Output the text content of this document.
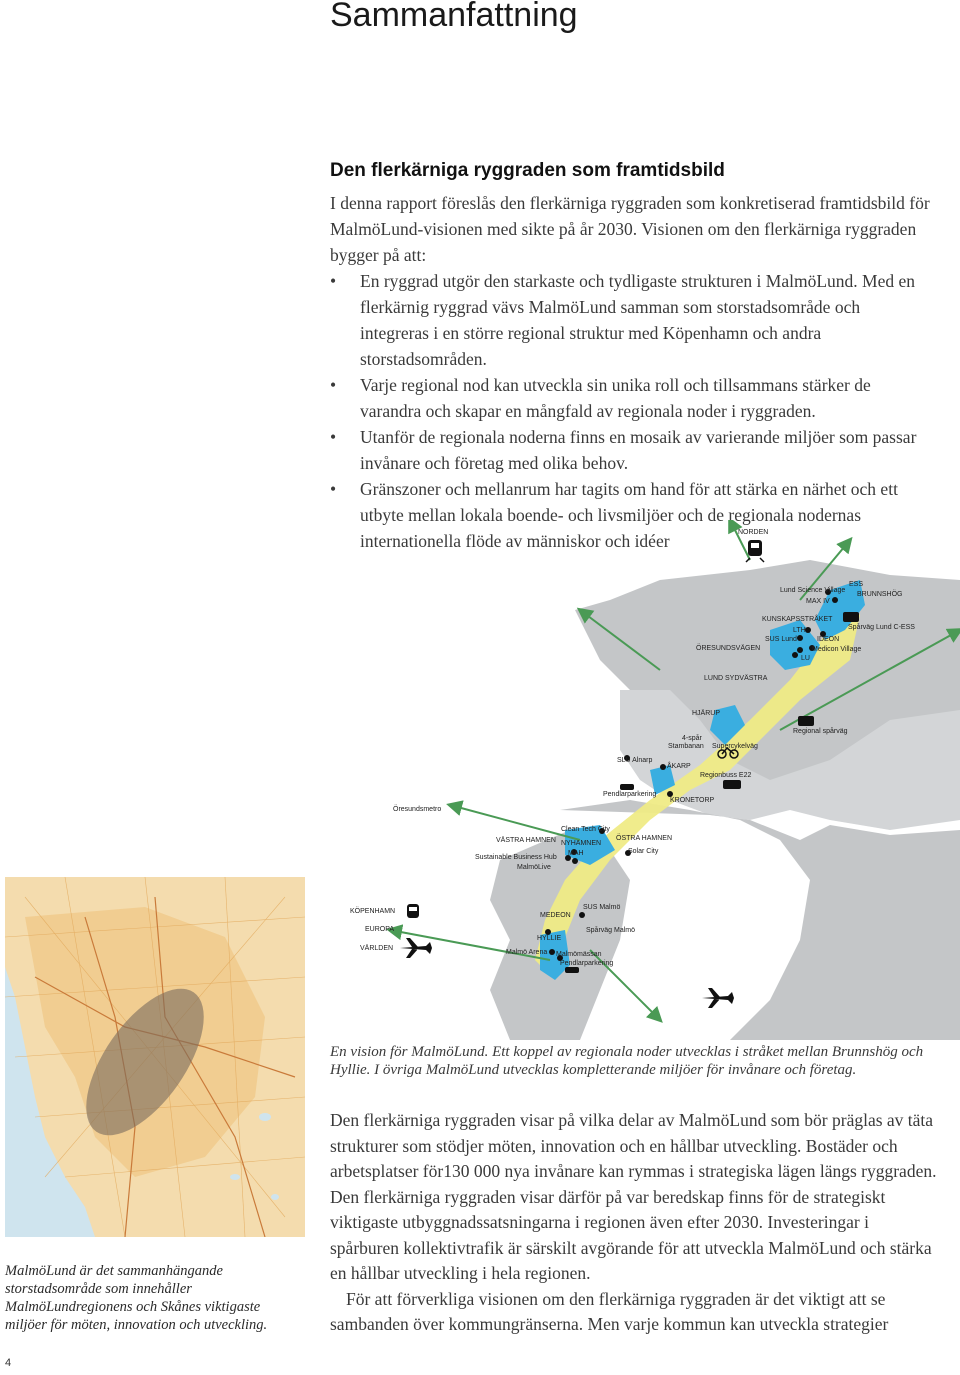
Sammanfattning
Den flerkärniga ryggraden som framtidsbild
I denna rapport föreslås den flerkärniga ryggraden som konkretiserad framtidsbild för MalmöLund-visionen med sikte på år 2030. Visionen om den flerkärniga ryggraden bygger på att:
• En ryggrad utgör den starkaste och tydligaste strukturen i MalmöLund. Med en flerkärnig ryggrad vävs MalmöLund samman som storstadsområde och integreras i en större regional struktur med Köpenhamn och andra storstadsområden.
• Varje regional nod kan utveckla sin unika roll och tillsammans stärker de varandra och skapar en mångfald av regionala noder i ryggraden.
• Utanför de regionala noderna finns en mosaik av varierande miljöer som passar invånare och företag med olika behov.
• Gränszoner och mellanrum har tagits om hand för att stärka en närhet och ett utbyte mellan lokala boende- och livsmiljöer och de regionala nodernas internationella flöde av människor och idéer	NORDEN
Lund Science Village
ESS
BRUNNSHÖG
MAX IV
KUNSKAPSSTRÅKET
Spårväg Lund C-ESS
LTH
SUS Lund	IDEON
ÖRESUNDSVÄGEN	Medicon Village
LU
LUND SYDVÄSTRA
HJÄRUP
Regional spårväg
4-spår
Stambanan Supercykelväg
SLU Alnarp
ÅKARP
Regionbuss E22
Pendlarparkering
KRONETORP
Öresundsmetro
Clean Tech City
VÄSTRA HAMNEN NYHAMNEN
ÖSTRA HAMNEN
MAH	Solar City
Sustainable Business Hub
MalmöLive
KÖPENHAMN
EUROPA
VÄRLDEN
MEDEON
SUS Malmö
Spårväg Malmö
HYLLIE
Malmö Arena Malmömässan
Pendlarparkering
En vision för MalmöLund. Ett koppel av regionala noder utvecklas i stråket mellan Brunnshög och Hyllie. I övriga MalmöLund utvecklas kompletterande miljöer för invånare och företag.

Den flerkärniga ryggraden visar på vilka delar av MalmöLund som bör präglas av täta strukturer som stödjer möten, innovation och en hållbar utveckling. Bostäder och arbetsplatser för130 000 nya invånare kan rymmas i strategiska lägen längs ryggraden. Den flerkärniga ryggraden visar därför på var beredskap finns för de strategiskt viktigaste utbyggnadssatsningarna i regionen även efter 2030. Investeringar i spårburen kollektivtrafik är särskilt avgörande för att utveckla MalmöLund och stärka en hållbar utveckling i hela regionen.

För att förverkliga visionen om den flerkärniga ryggraden är det viktigt att se sambanden över kommungränserna. Men varje kommun kan utveckla strategier

MalmöLund är det sammanhängande storstadsområde som innehåller MalmöLundregionens och Skånes viktigaste miljöer för möten, innovation och utveckling.
4
